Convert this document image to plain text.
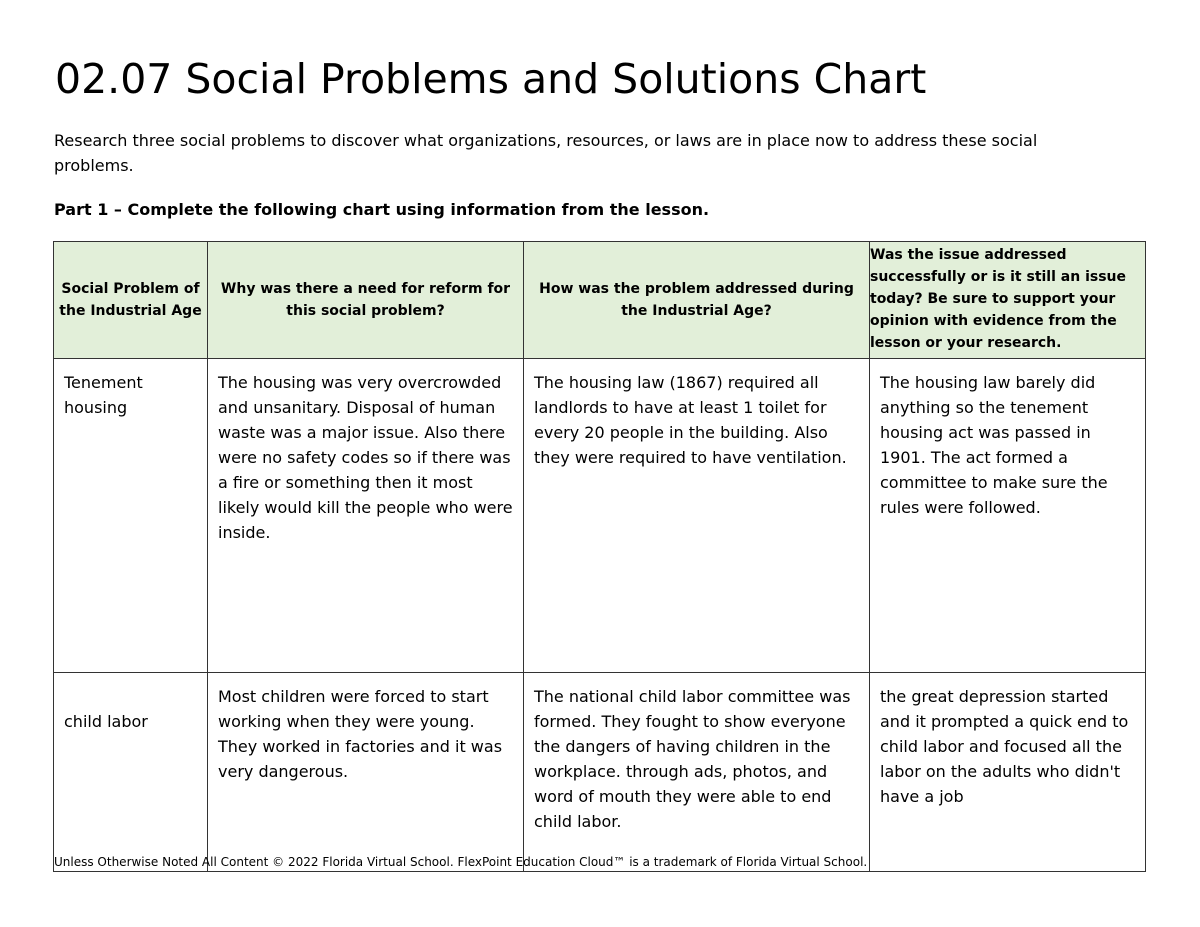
02.07 Social Problems and Solutions Chart

Research three social problems to discover what organizations, resources, or laws are in place now to address these social problems.

Part 1 – Complete the following chart using information from the lesson.

Social Problem of the Industrial Age	Why was there a need for reform for this social problem?	How was the problem addressed during the Industrial Age?	Was the issue addressed successfully or is it still an issue today? Be sure to support your opinion with evidence from the lesson or your research.
Tenement housing	The housing was very overcrowded and unsanitary. Disposal of human waste was a major issue. Also there were no safety codes so if there was a fire or something then it most likely would kill the people who were inside.	The housing law (1867) required all landlords to have at least 1 toilet for every 20 people in the building. Also they were required to have ventilation.	The housing law barely did anything so the tenement housing act was passed in 1901. The act formed a committee to make sure the rules were followed.
child labor	Most children were forced to start working when they were young. They worked in factories and it was very dangerous.	The national child labor committee was formed. They fought to show everyone the dangers of having children in the workplace. through ads, photos, and word of mouth they were able to end child labor.	the great depression started and it prompted a quick end to child labor and focused all the labor on the adults who didn't have a job

Unless Otherwise Noted All Content © 2022 Florida Virtual School. FlexPoint Education Cloud™ is a trademark of Florida Virtual School.
